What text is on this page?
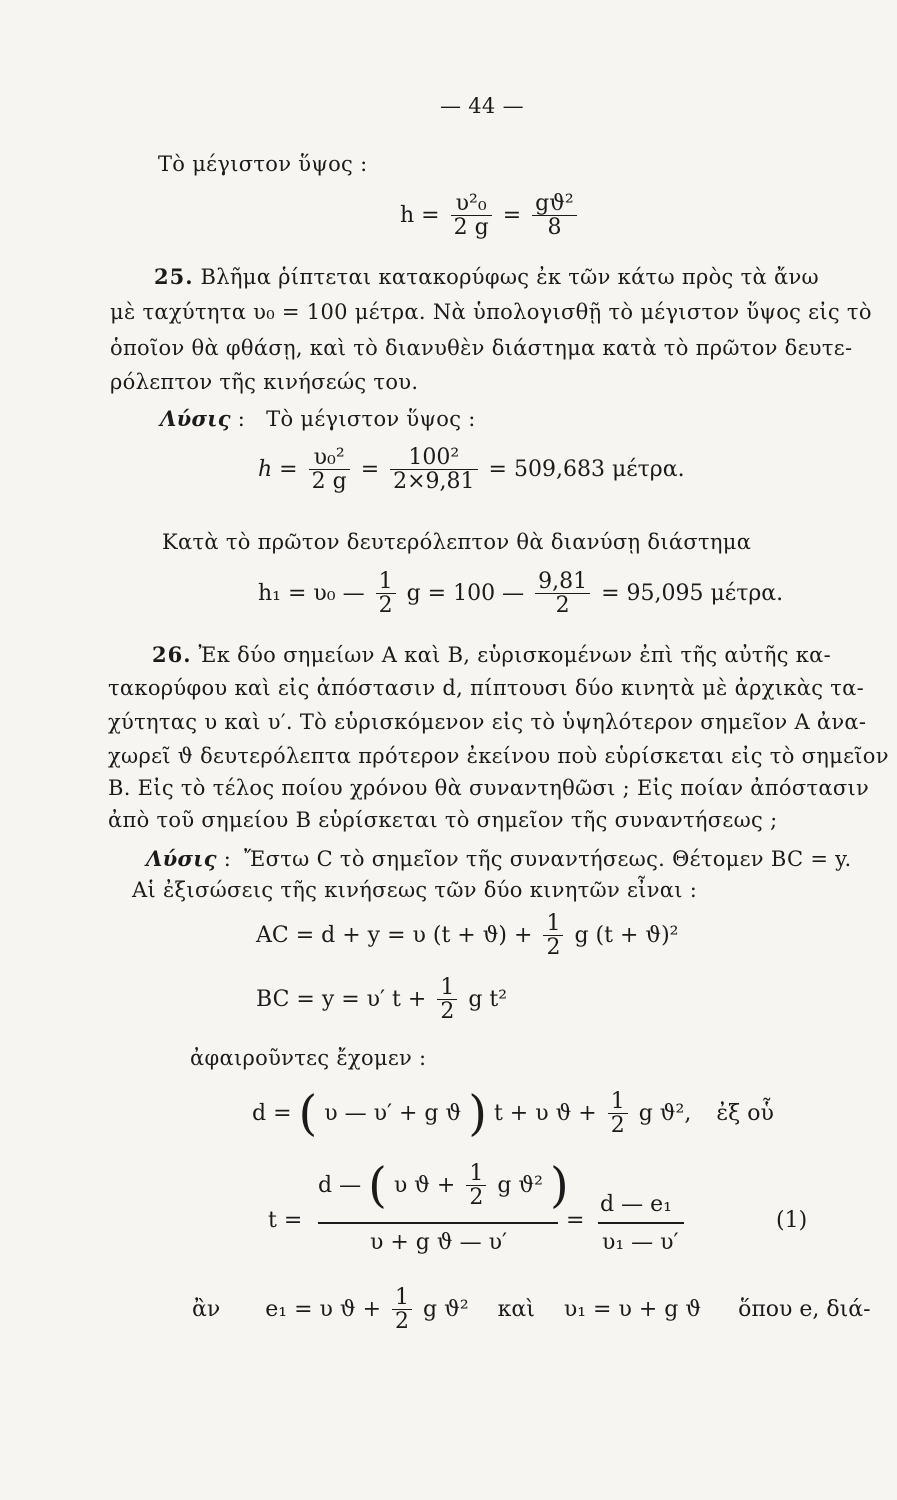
— 44 —
Τὸ μέγιστον ὕψος :
$h = \frac{\text{υ²₀}}{2 g} = \frac{\text{gϑ²}}{8}$
25. Βλῆμα ῥίπτεται κατακορύφως ἐκ τῶν κάτω πρὸς τὰ ἄνω
μὲ ταχύτητα υ₀ = 100 μέτρα. Νὰ ὑπολογισθῇ τὸ μέγιστον ὕψος εἰς τὸ
ὁποῖον θὰ φθάσῃ, καὶ τὸ διανυθὲν διάστημα κατὰ τὸ πρῶτον δευτε-
ρόλεπτον τῆς κινήσεώς του.
Λύσις : Τὸ μέγιστον ὕψος :
$h = \frac{\text{υ₀²}}{2 g} = \frac{\text{100²}}{2\times 9,81} = 509,683$ μέτρα.
Κατὰ τὸ πρῶτον δευτερόλεπτον θὰ διανύσῃ διάστημα
h₁ = υ₀ — $\frac{1}{2}$ g = 100 — $\frac{9,81}{2} = 95,095$ μέτρα.
26. Ἐκ δύο σημείων Α καὶ Β, εὑρισκομένων ἐπὶ τῆς αὐτῆς κα-
τακορύφου καὶ εἰς ἀπόστασιν d, πίπτουσι δύο κινητὰ μὲ ἀρχικὰς τα-
χύτητας υ καὶ υ′. Τὸ εὑρισκόμενον εἰς τὸ ὑψηλότερον σημεῖον Α ἀνα-
χωρεῖ ϑ δευτερόλεπτα πρότερον ἐκείνου ποὺ εὑρίσκεται εἰς τὸ σημεῖον
Β. Εἰς τὸ τέλος ποίου χρόνου θὰ συναντηθῶσι ; Εἰς ποίαν ἀπόστασιν
ἀπὸ τοῦ σημείου Β εὑρίσκεται τὸ σημεῖον τῆς συναντήσεως ;
Λύσις : Ἔστω C τὸ σημεῖον τῆς συναντήσεως. Θέτομεν BC = y.
Αἱ ἐξισώσεις τῆς κινήσεως τῶν δύο κινητῶν εἶναι :
AC = d + y = υ $(t + ϑ) + \frac{1}{2}$ g (t + ϑ)²
BC = y = υ′ $t + \frac{1}{2}$ g t²
ἀφαιροῦντες ἔχομεν :
d = ( υ — υ′ + g ϑ ) t + υ $ϑ + \frac{1}{2}$ g ϑ², ἐξ οὗ
t =
d — ( υ $ϑ + \frac{1}{2}$ g ϑ² )
υ + g ϑ — υ′
=
d — e₁
υ₁ — υ′
(1)
ἂν e₁ = υ $ϑ + \frac{1}{2}$ g ϑ² καὶ υ₁ = υ + g ϑ ὅπου e, διά-
